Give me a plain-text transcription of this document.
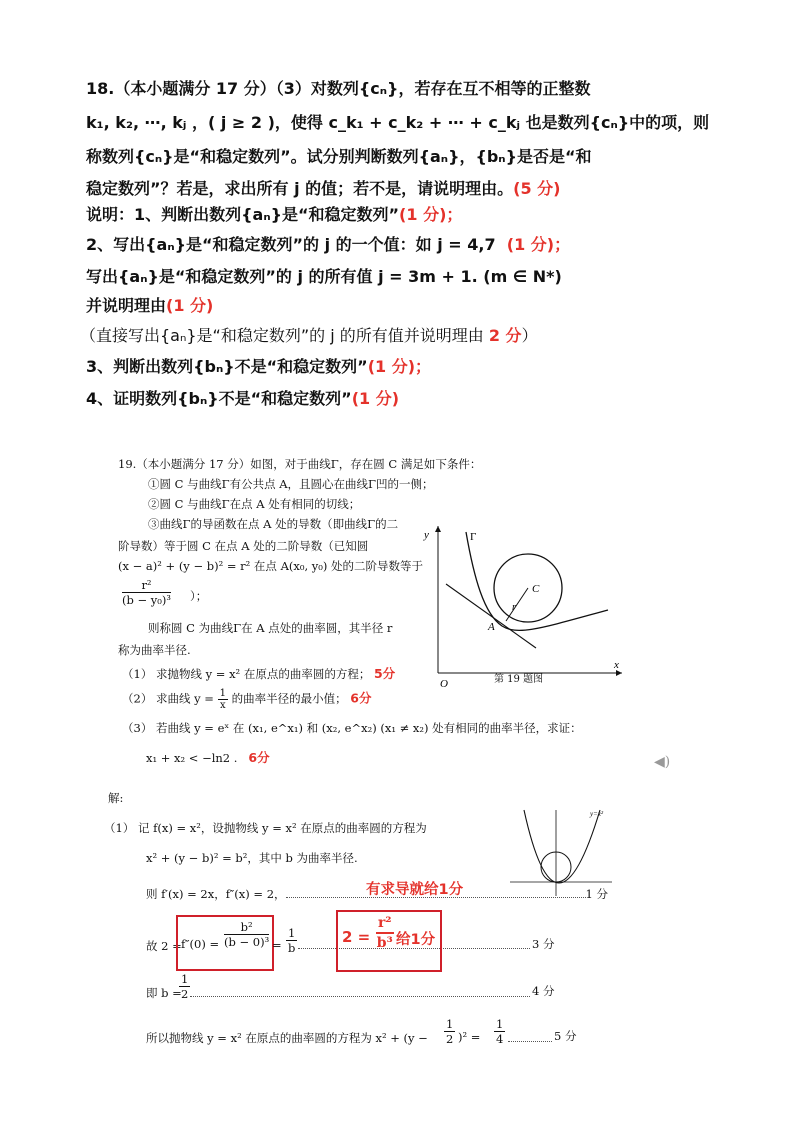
18.（本小题满分 17 分）（3）对数列{cₙ}，若存在互不相等的正整数
k₁, k₂, ⋯, kⱼ ，( j ≥ 2 )，使得 c_k₁ + c_k₂ + ⋯ + c_kⱼ 也是数列{cₙ}中的项，则
称数列{cₙ}是“和稳定数列”。试分别判断数列{aₙ}，{bₙ}是否是“和
稳定数列”？若是，求出所有 j 的值；若不是，请说明理由。(5 分)
说明：1、判断出数列{aₙ}是“和稳定数列”(1 分)；
2、写出{aₙ}是“和稳定数列”的 j 的一个值：如 j = 4,7 (1 分)；
写出{aₙ}是“和稳定数列”的 j 的所有值 j = 3m + 1. (m ∈ N*)
并说明理由(1 分)
（直接写出{aₙ}是“和稳定数列”的 j 的所有值并说明理由 2 分）
3、判断出数列{bₙ}不是“和稳定数列”(1 分)；
4、证明数列{bₙ}不是“和稳定数列”(1 分)
19.（本小题满分 17 分）如图，对于曲线Γ，存在圆 C 满足如下条件：
①圆 C 与曲线Γ有公共点 A，且圆心在曲线Γ凹的一侧；
②圆 C 与曲线Γ在点 A 处有相同的切线；
③曲线Γ的导函数在点 A 处的导数（即曲线Γ的二
阶导数）等于圆 C 在点 A 处的二阶导数（已知圆
(x − a)² + (y − b)² = r² 在点 A(x₀, y₀) 处的二阶导数等于
$\frac{\text{r²}}{\text{(b − y₀)³}}$ ）；
则称圆 C 为曲线Γ在 A 点处的曲率圆，其半径 r
称为曲率半径.
（1） 求抛物线 y = x² 在原点的曲率圆的方程； 5分
（2） 求曲线 $y = \frac{1}{x}$ 的曲率半径的最小值； 6分
（3） 若曲线 y = eˣ 在 (x₁, e^x₁) 和 (x₂, e^x₂) (x₁ ≠ x₂) 处有相同的曲率半径，求证：
x₁ + x₂ < −ln2 . 6分
y
x
O
Γ
C
r
A
第 19 题图
◀)
解:
（1） 记 f(x) = x²，设抛物线 y = x² 在原点的曲率圆的方程为
x² + (y − b)² = b²，其中 b 为曲率半径.
则 f′(x) = 2x，f″(x) = 2，	1 分
有求导就给1分
故 $2 = f''(0) = \frac{\text{b²}}{\text{(b − 0)³}} = \frac{1}{b}$	3 分
$2 = \frac{\text{r²}}{\text{b³}}$ 给1分
即 b =
$\frac{1}{2}$	4 分
所以抛物线 y = x² 在原点的曲率圆的方程为 x² + (y −
1
2 )² =
1
4	5 分
y=x²
